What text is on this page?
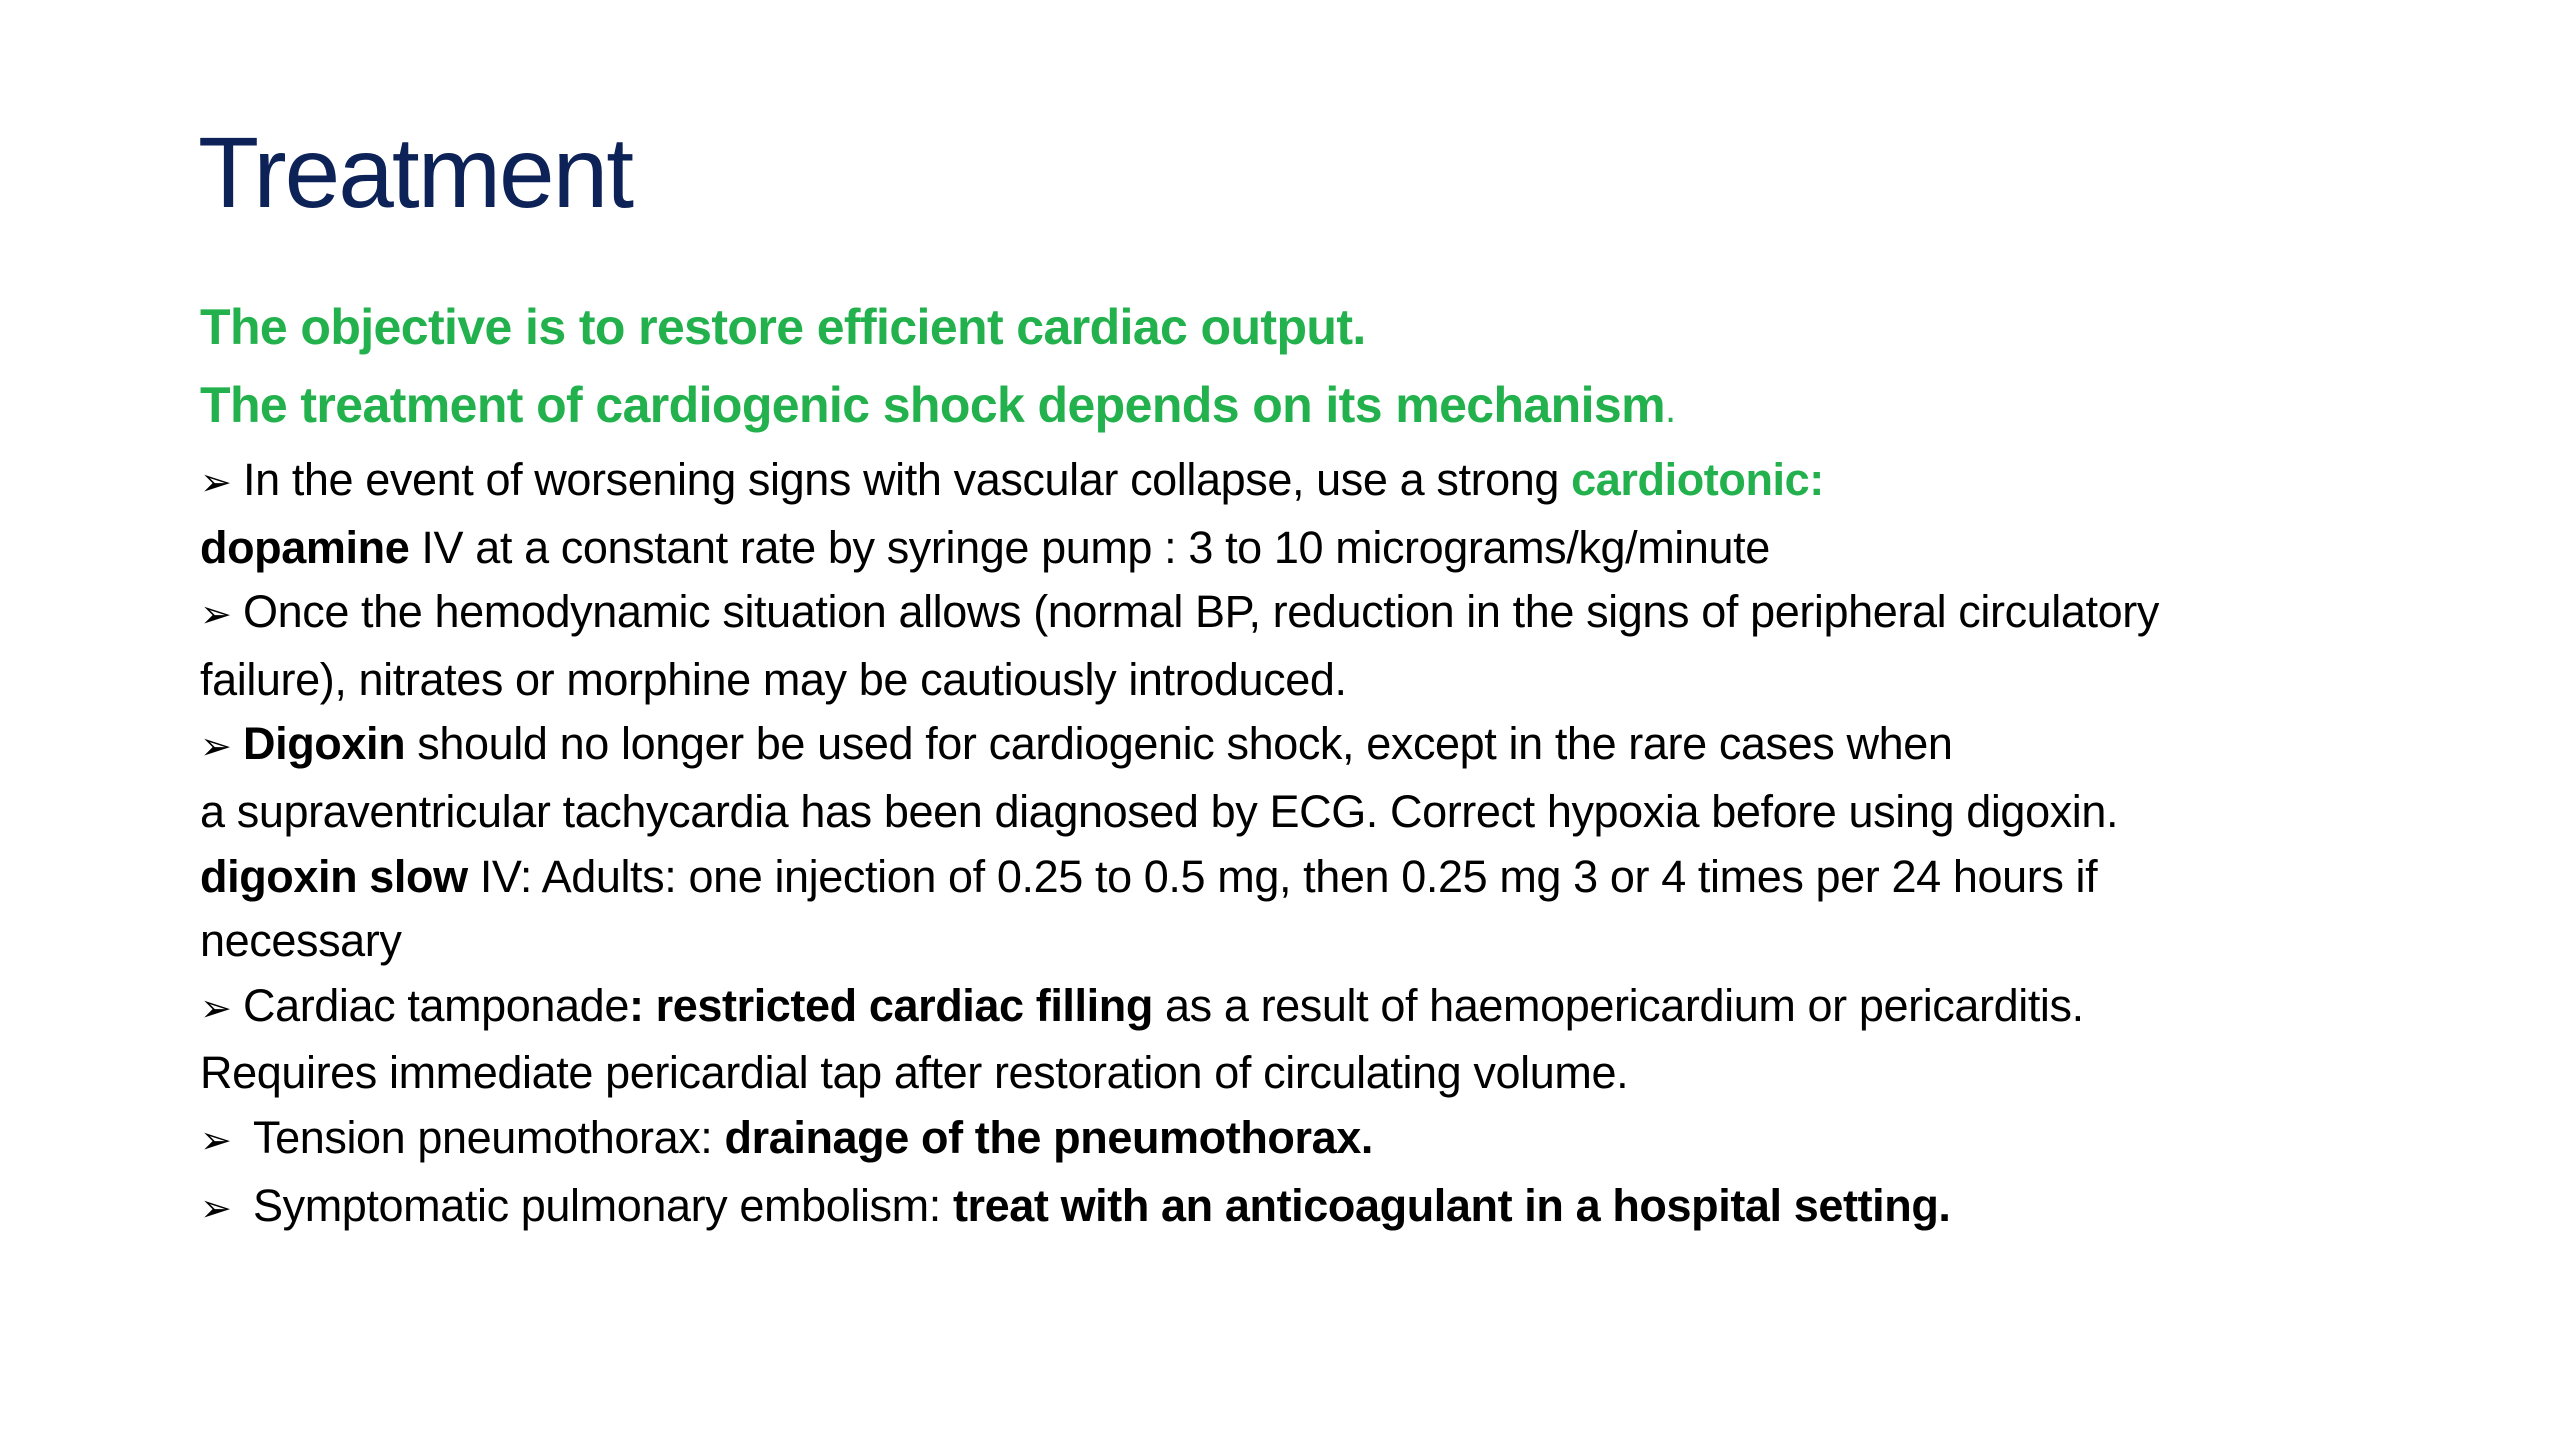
Treatment
The objective is to restore efficient cardiac output.
The treatment of cardiogenic shock depends on its mechanism.
➢ In the event of worsening signs with vascular collapse, use a strong cardiotonic:
dopamine IV at a constant rate by syringe pump : 3 to 10 micrograms/kg/minute
➢ Once the hemodynamic situation allows (normal BP, reduction in the signs of peripheral circulatory
failure), nitrates or morphine may be cautiously introduced.
➢ Digoxin should no longer be used for cardiogenic shock, except in the rare cases when
a supraventricular tachycardia has been diagnosed by ECG. Correct hypoxia before using digoxin.
digoxin slow IV: Adults: one injection of 0.25 to 0.5 mg, then 0.25 mg 3 or 4 times per 24 hours if
necessary
➢ Cardiac tamponade: restricted cardiac filling as a result of haemopericardium or pericarditis.
Requires immediate pericardial tap after restoration of circulating volume.
➢ Tension pneumothorax: drainage of the pneumothorax.
➢ Symptomatic pulmonary embolism: treat with an anticoagulant in a hospital setting.
